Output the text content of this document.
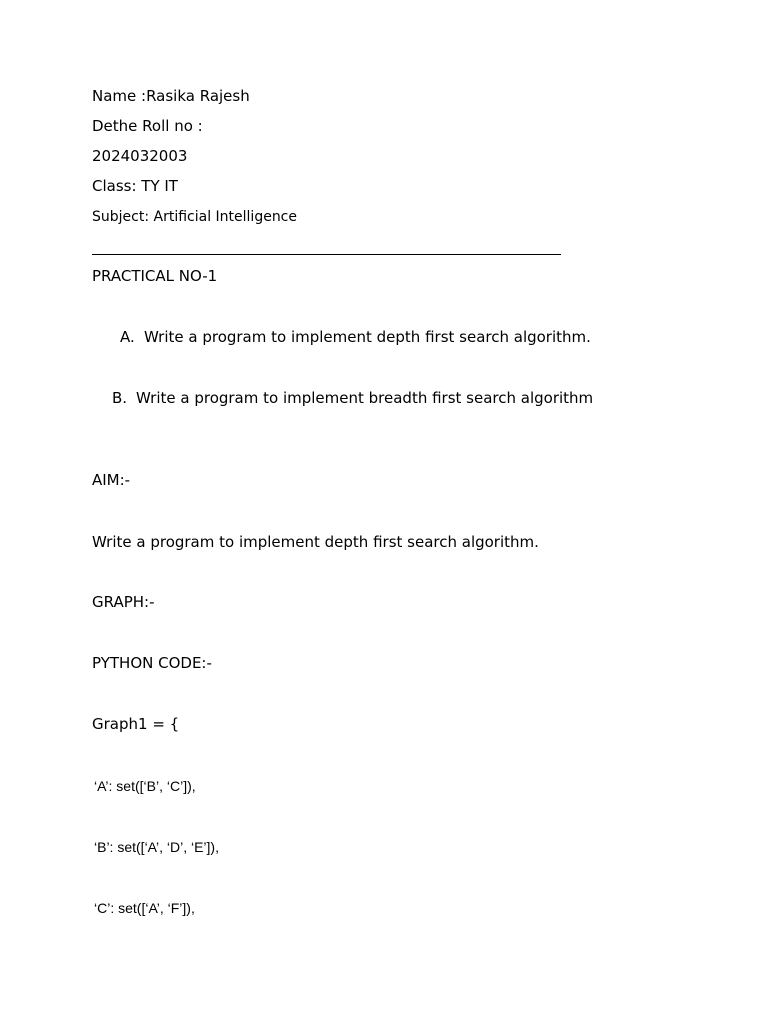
Name :Rasika Rajesh
Dethe Roll no :
2024032003
Class: TY IT
Subject: Artificial Intelligence
PRACTICAL NO-1
A. Write a program to implement depth first search algorithm.
B. Write a program to implement breadth first search algorithm
AIM:-
Write a program to implement depth first search algorithm.
GRAPH:-
PYTHON CODE:-
Graph1 = {
‘A’: set([‘B’, ‘C’]),
‘B’: set([‘A’, ‘D’, ‘E’]),
‘C’: set([‘A’, ‘F’]),
